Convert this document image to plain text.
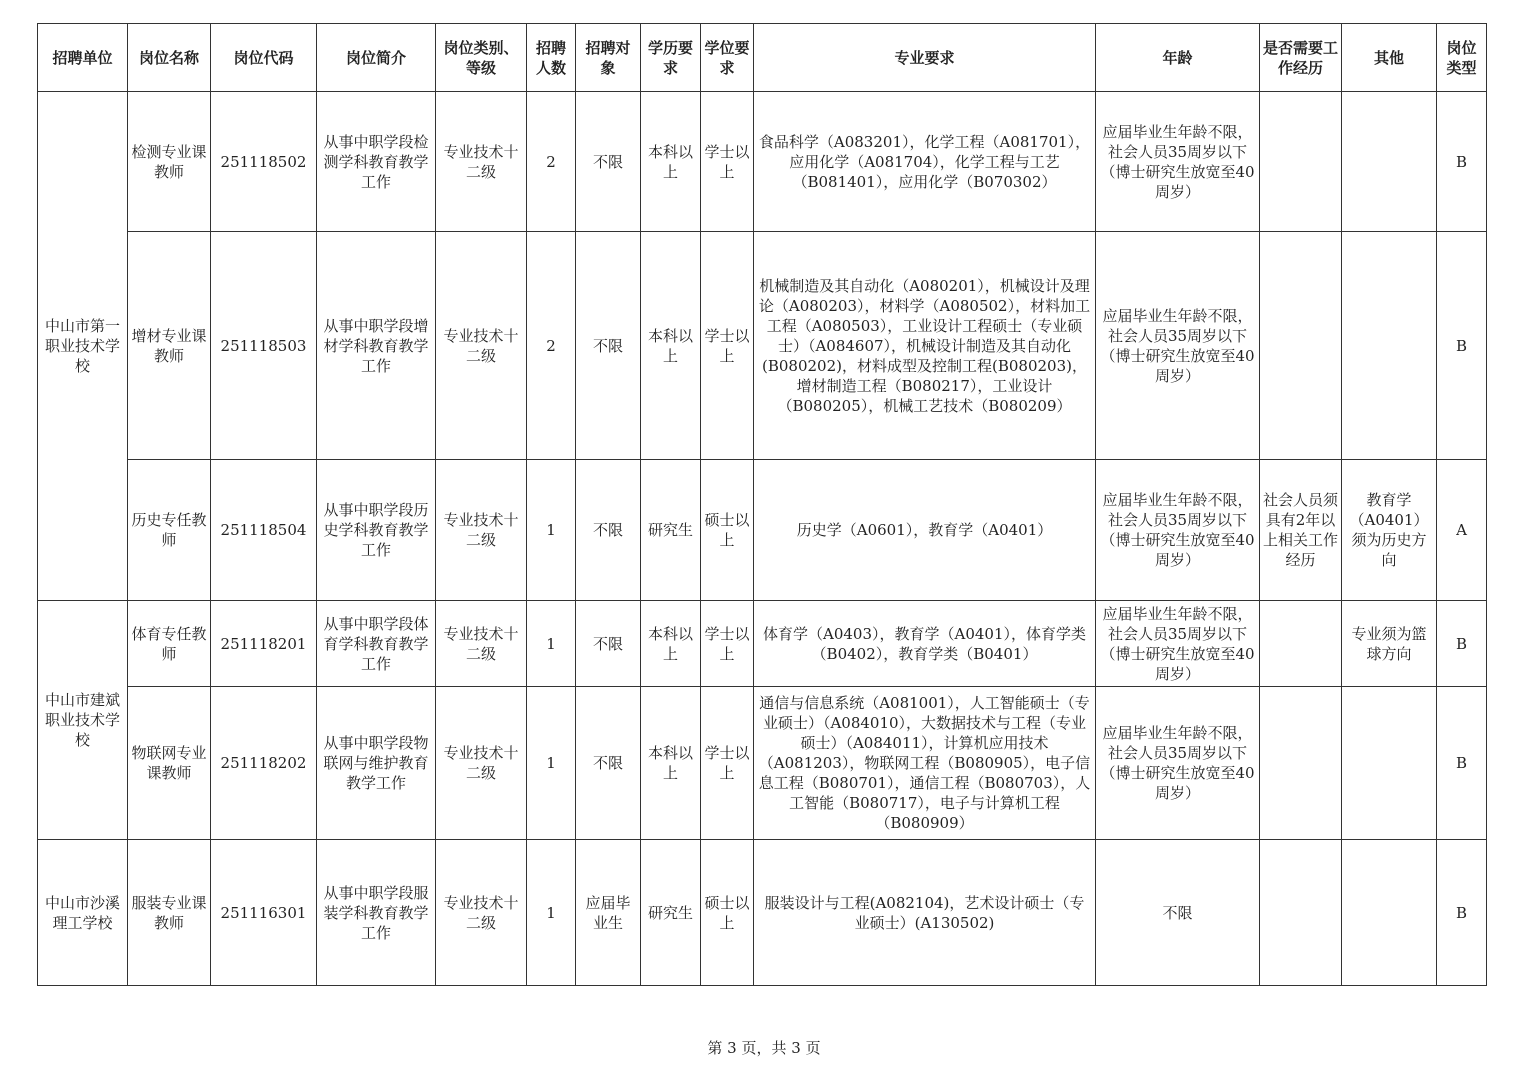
招聘单位	岗位名称	岗位代码	岗位简介	岗位类别、等级	招聘人数	招聘对象	学历要求	学位要求	专业要求	年龄	是否需要工作经历	其他	岗位类型
中山市第一职业技术学校	检测专业课教师	251118502	从事中职学段检测学科教育教学工作	专业技术十二级	2	不限	本科以上	学士以上	食品科学（A083201），化学工程（A081701），应用化学（A081704），化学工程与工艺（B081401），应用化学（B070302）	应届毕业生年龄不限，社会人员35周岁以下（博士研究生放宽至40周岁）			B
	增材专业课教师	251118503	从事中职学段增材学科教育教学工作	专业技术十二级	2	不限	本科以上	学士以上	机械制造及其自动化（A080201），机械设计及理论（A080203），材料学（A080502），材料加工工程（A080503），工业设计工程硕士（专业硕士）（A084607），机械设计制造及其自动化(B080202)，材料成型及控制工程(B080203)，增材制造工程（B080217），工业设计（B080205），机械工艺技术（B080209）	应届毕业生年龄不限，社会人员35周岁以下（博士研究生放宽至40周岁）			B
	历史专任教师	251118504	从事中职学段历史学科教育教学工作	专业技术十二级	1	不限	研究生	硕士以上	历史学（A0601），教育学（A0401）	应届毕业生年龄不限，社会人员35周岁以下（博士研究生放宽至40周岁）	社会人员须具有2年以上相关工作经历	教育学（A0401）须为历史方向	A
中山市建斌职业技术学校	体育专任教师	251118201	从事中职学段体育学科教育教学工作	专业技术十二级	1	不限	本科以上	学士以上	体育学（A0403），教育学（A0401），体育学类（B0402），教育学类（B0401）	应届毕业生年龄不限，社会人员35周岁以下（博士研究生放宽至40周岁）		专业须为篮球方向	B
	物联网专业课教师	251118202	从事中职学段物联网与维护教育教学工作	专业技术十二级	1	不限	本科以上	学士以上	通信与信息系统（A081001），人工智能硕士（专业硕士）（A084010），大数据技术与工程（专业硕士）（A084011），计算机应用技术（A081203），物联网工程（B080905），电子信息工程（B080701），通信工程（B080703），人工智能（B080717），电子与计算机工程（B080909）	应届毕业生年龄不限，社会人员35周岁以下（博士研究生放宽至40周岁）			B
中山市沙溪理工学校	服装专业课教师	251116301	从事中职学段服装学科教育教学工作	专业技术十二级	1	应届毕业生	研究生	硕士以上	服装设计与工程(A082104)，艺术设计硕士（专业硕士）(A130502)	不限			B
第 3 页，共 3 页
